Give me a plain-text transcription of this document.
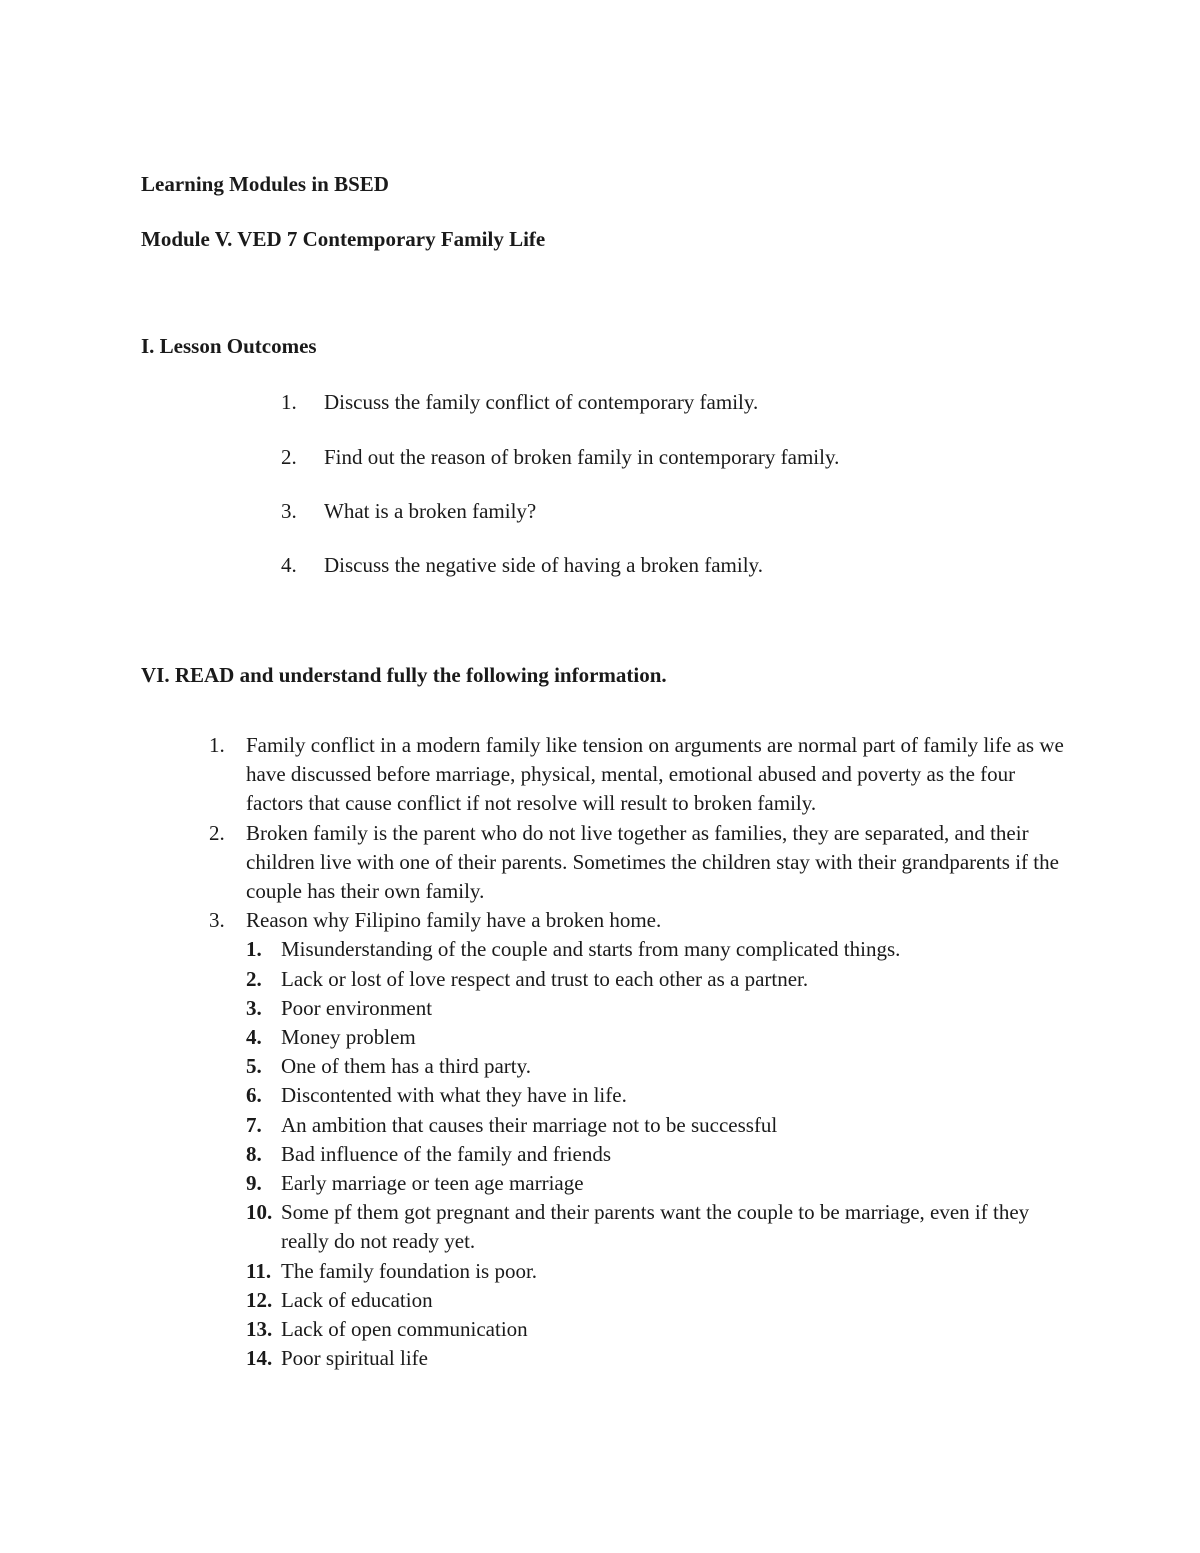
Learning Modules in BSED
Module V. VED 7 Contemporary Family Life
I. Lesson Outcomes
1. Discuss the family conflict of contemporary family.
2. Find out the reason of broken family in contemporary family.
3. What is a broken family?
4. Discuss the negative side of having a broken family.
VI. READ and understand fully the following information.
1. Family conflict in a modern family like tension on arguments are normal part of family life as we have discussed before marriage, physical, mental, emotional abused and poverty as the four factors that cause conflict if not resolve will result to broken family.
2. Broken family is the parent who do not live together as families, they are separated, and their children live with one of their parents. Sometimes the children stay with their grandparents if the couple has their own family.
3. Reason why Filipino family have a broken home.
1. Misunderstanding of the couple and starts from many complicated things.
2. Lack or lost of love respect and trust to each other as a partner.
3. Poor environment
4. Money problem
5. One of them has a third party.
6. Discontented with what they have in life.
7. An ambition that causes their marriage not to be successful
8. Bad influence of the family and friends
9. Early marriage or teen age marriage
10. Some pf them got pregnant and their parents want the couple to be marriage, even if they really do not ready yet.
11. The family foundation is poor.
12. Lack of education
13. Lack of open communication
14. Poor spiritual life
